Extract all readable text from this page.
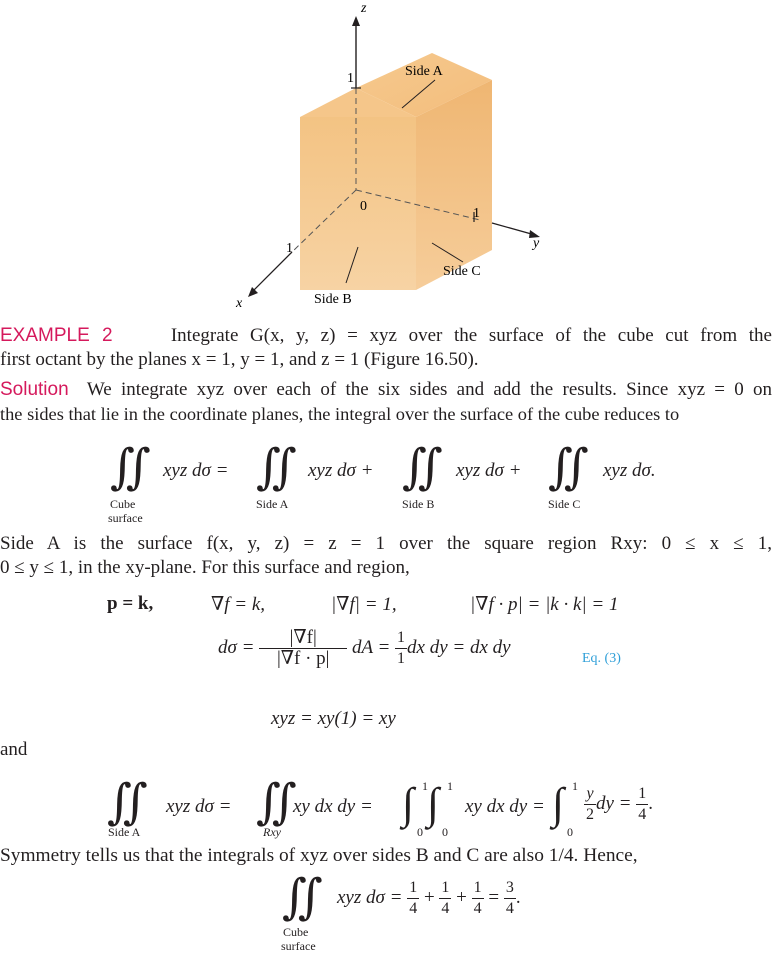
z
y
x
0
1
1
1
Side A
Side C
Side B
EXAMPLE 2	Integrate G(x, y, z) = xyz over the surface of the cube cut from the
first octant by the planes x = 1, y = 1, and z = 1 (Figure 16.50).
Solution We integrate xyz over each of the six sides and add the results. Since xyz = 0 on
the sides that lie in the coordinate planes, the integral over the surface of the cube reduces to
∬ xyz dσ =
Cube
surface
∬ xyz dσ +
Side A
∬ xyz dσ +
Side B
∬ xyz dσ.
Side C
Side A is the surface f(x, y, z) = z = 1 over the square region Rxy: 0 ≤ x ≤ 1,
0 ≤ y ≤ 1, in the xy-plane. For this surface and region,
p = k,	∇f = k,	|∇f| = 1,	|∇f · p| = |k · k| = 1
$d\sigma = \frac{|\nabla f|}{|\nabla f \cdot p|}$ dA = $\frac{1}{1}$ dx dy = dx dy
Eq. (3)
xyz = xy(1) = xy
and
∬ xyz dσ =
Side A
∬
xy dx dy =
Rxy
∫ 1
0
∫ 1
0
xy dx dy = ∫ 1
0
$\frac{y}{2}$ dy = $\frac{1}{4}$ .
Symmetry tells us that the integrals of xyz over sides B and C are also 1/4. Hence,
∬
Cube
surface
xyz $d\sigma = \frac{1}{4} + \frac{1}{4} + \frac{1}{4} = \frac{3}{4}$ .
